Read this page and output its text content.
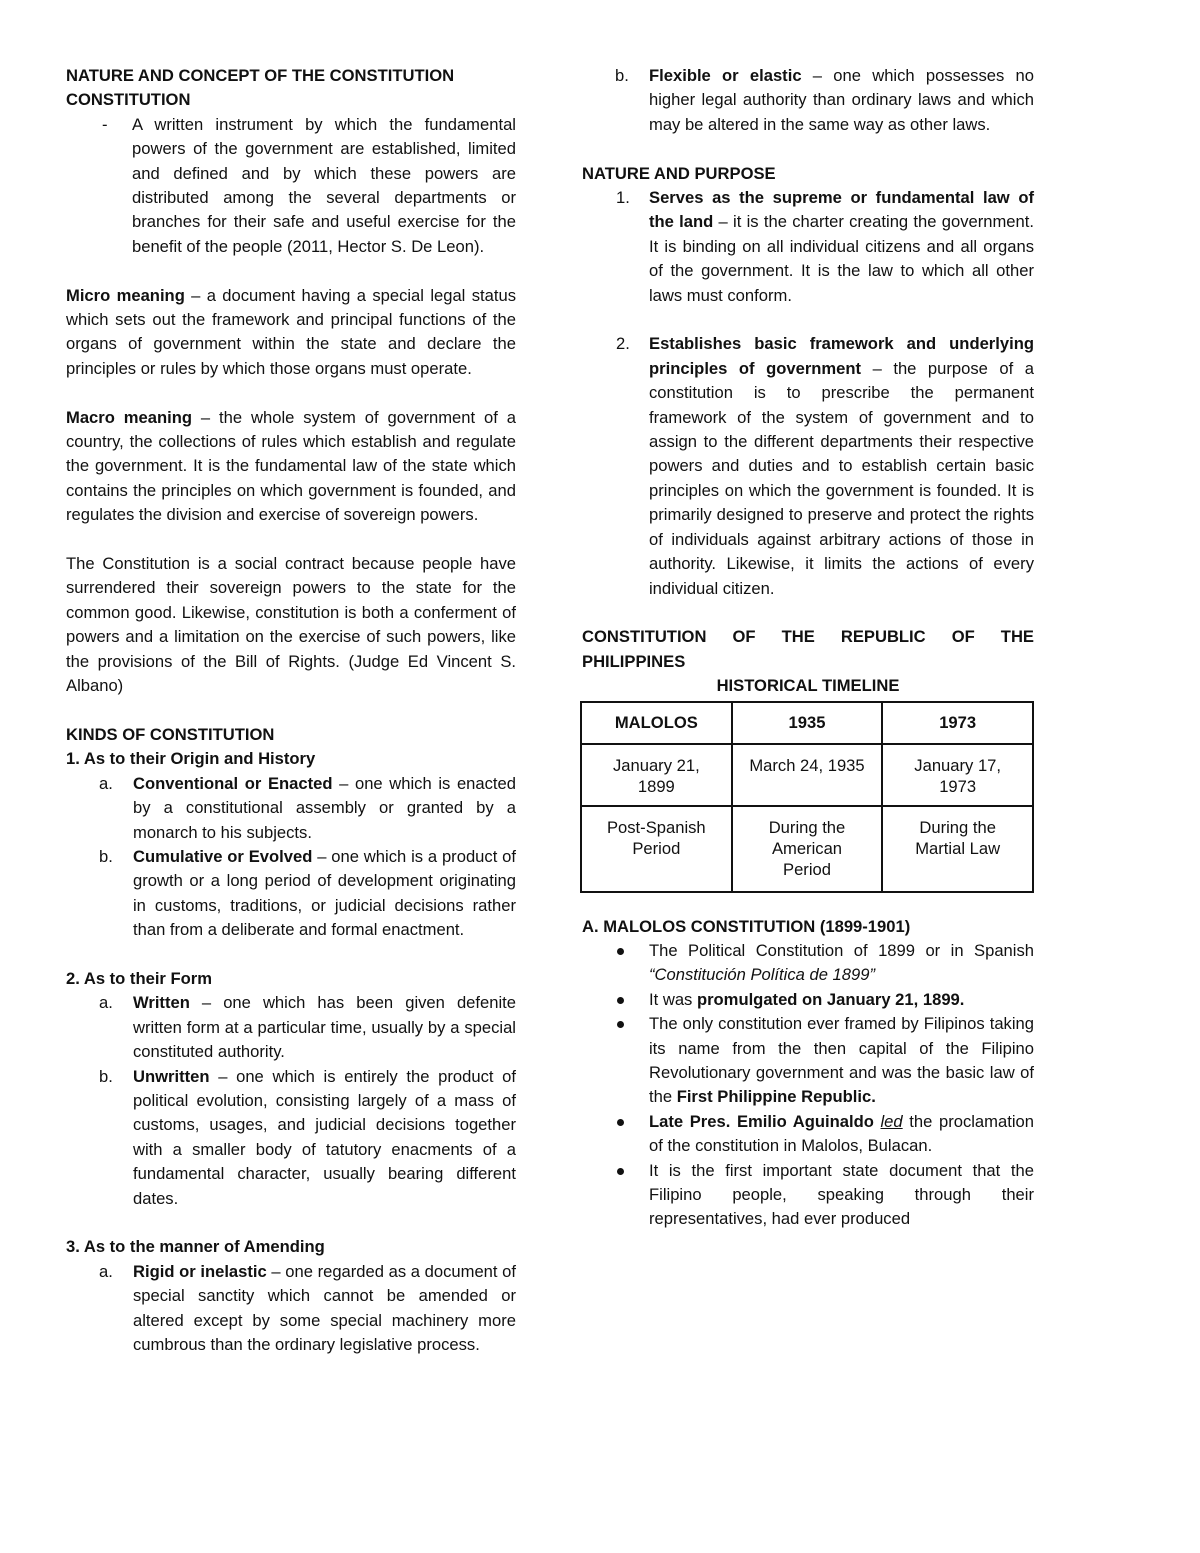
NATURE AND CONCEPT OF THE CONSTITUTION

CONSTITUTION

- A written instrument by which the fundamental powers of the government are established, limited and defined and by which these powers are distributed among the several departments or branches for their safe and useful exercise for the benefit of the people (2011, Hector S. De Leon).

Micro meaning – a document having a special legal status which sets out the framework and principal functions of the organs of government within the state and declare the principles or rules by which those organs must operate.

Macro meaning – the whole system of government of a country, the collections of rules which establish and regulate the government. It is the fundamental law of the state which contains the principles on which government is founded, and regulates the division and exercise of sovereign powers.

The Constitution is a social contract because people have surrendered their sovereign powers to the state for the common good. Likewise, constitution is both a conferment of powers and a limitation on the exercise of such powers, like the provisions of the Bill of Rights. (Judge Ed Vincent S. Albano)

KINDS OF CONSTITUTION

1. As to their Origin and History

a. Conventional or Enacted – one which is enacted by a constitutional assembly or granted by a monarch to his subjects.
b. Cumulative or Evolved – one which is a product of growth or a long period of development originating in customs, traditions, or judicial decisions rather than from a deliberate and formal enactment.

2. As to their Form

a. Written – one which has been given defenite written form at a particular time, usually by a special constituted authority.
b. Unwritten – one which is entirely the product of political evolution, consisting largely of a mass of customs, usages, and judicial decisions together with a smaller body of tatutory enacments of a fundamental character, usually bearing different dates.

3. As to the manner of Amending

a. Rigid or inelastic – one regarded as a document of special sanctity which cannot be amended or altered except by some special machinery more cumbrous than the ordinary legislative process.
b. Flexible or elastic – one which possesses no higher legal authority than ordinary laws and which may be altered in the same way as other laws.

NATURE AND PURPOSE

1. Serves as the supreme or fundamental law of the land – it is the charter creating the government. It is binding on all individual citizens and all organs of the government. It is the law to which all other laws must conform.
2. Establishes basic framework and underlying principles of government – the purpose of a constitution is to prescribe the permanent framework of the system of government and to assign to the different departments their respective powers and duties and to establish certain basic principles on which the government is founded. It is primarily designed to preserve and protect the rights of individuals against arbitrary actions of those in authority. Likewise, it limits the actions of every individual citizen.

CONSTITUTION OF THE REPUBLIC OF THE PHILIPPINES

HISTORICAL TIMELINE

MALOLOS	1935	1973
January 21, 1899	March 24, 1935	January 17, 1973
Post-Spanish Period	During the American Period	During the Martial Law

A. MALOLOS CONSTITUTION (1899-1901)

The Political Constitution of 1899 or in Spanish “Constitución Política de 1899”
It was promulgated on January 21, 1899.
The only constitution ever framed by Filipinos taking its name from the then capital of the Filipino Revolutionary government and was the basic law of the First Philippine Republic.
Late Pres. Emilio Aguinaldo led the proclamation of the constitution in Malolos, Bulacan.
It is the first important state document that the Filipino people, speaking through their representatives, had ever produced
